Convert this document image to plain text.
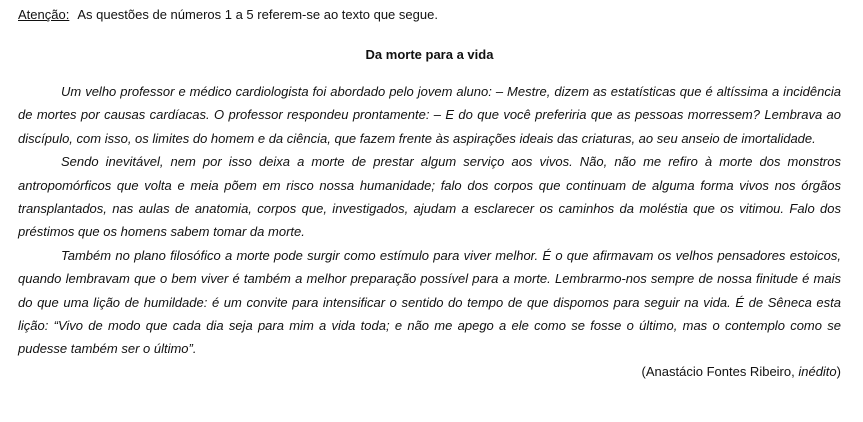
Atenção: As questões de números 1 a 5 referem-se ao texto que segue.

Da morte para a vida

Um velho professor e médico cardiologista foi abordado pelo jovem aluno: – Mestre, dizem as estatísticas que é altíssima a incidência de mortes por causas cardíacas. O professor respondeu prontamente: – E do que você preferiria que as pessoas morressem? Lembrava ao discípulo, com isso, os limites do homem e da ciência, que fazem frente às aspirações ideais das criaturas, ao seu anseio de imortalidade.

Sendo inevitável, nem por isso deixa a morte de prestar algum serviço aos vivos. Não, não me refiro à morte dos monstros antropomórficos que volta e meia põem em risco nossa humanidade; falo dos corpos que continuam de alguma forma vivos nos órgãos transplantados, nas aulas de anatomia, corpos que, investigados, ajudam a esclarecer os caminhos da moléstia que os vitimou. Falo dos préstimos que os homens sabem tomar da morte.

Também no plano filosófico a morte pode surgir como estímulo para viver melhor. É o que afirmavam os velhos pensadores estoicos, quando lembravam que o bem viver é também a melhor preparação possível para a morte. Lembrarmo-nos sempre de nossa finitude é mais do que uma lição de humildade: é um convite para intensificar o sentido do tempo de que dispomos para seguir na vida. É de Sêneca esta lição: “Vivo de modo que cada dia seja para mim a vida toda; e não me apego a ele como se fosse o último, mas o contemplo como se pudesse também ser o último”.

(Anastácio Fontes Ribeiro, inédito)
